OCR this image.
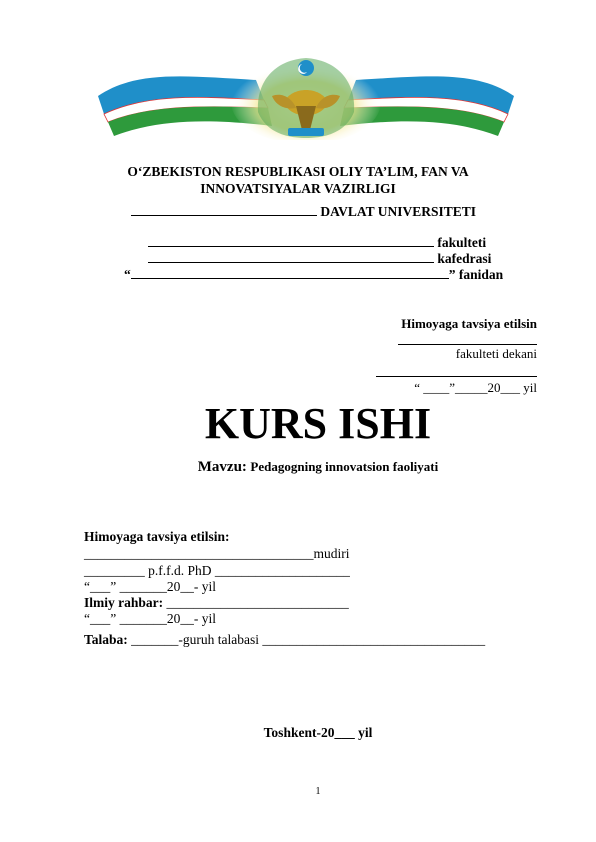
O‘ZBEKISTON RESPUBLIKASI OLIY TA’LIM, FAN VA
INNOVATSIYALAR VAZIRLIGI
DAVLAT UNIVERSITETI
fakulteti
kafedrasi
“	” fanidan
Himoyaga tavsiya etilsin
fakulteti dekani
“ ____”_____20___ yil
KURS ISHI
Mavzu: Pedagogning innovatsion faoliyati
Himoyaga tavsiya etilsin:
__________________________________mudiri
_________ p.f.f.d. PhD ____________________
“___” _______20__- yil
Ilmiy rahbar: ___________________________
“___” _______20__- yil
Talaba: _______-guruh talabasi _________________________________
Toshkent-20___ yil
1
